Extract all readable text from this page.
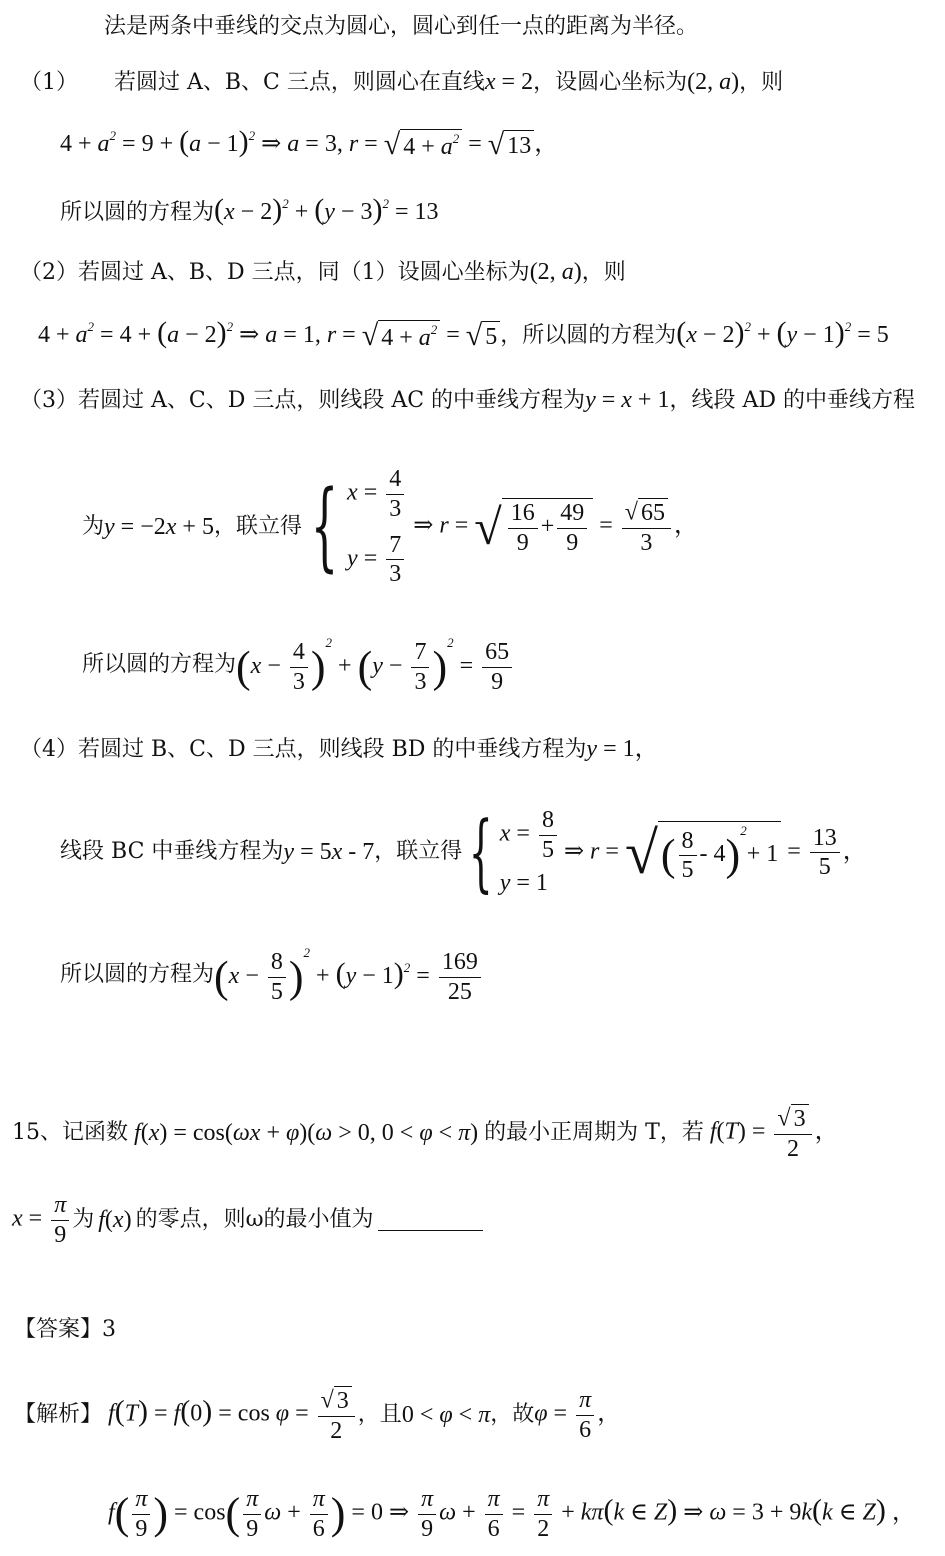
法是两条中垂线的交点为圆心，圆心到任一点的距离为半径。
（1） 若圆过 A、B、C 三点，则圆心在直线x = 2，设圆心坐标为(2, a)，则
$4 + a^2 = 9 + (a - 1)^2$ ⇒ a = 3, r = √ $4 + a^2$ = √ 13 ，
所以圆的方程为$(x - 2)^2 + (y - 3)^2 = 13$
（2）若圆过 A、B、D 三点，同（1）设圆心坐标为(2, a)，则
$4 + a^2 = 4 + (a - 2)^2$ ⇒ a = 1, r = √ $4 + a^2$ = √ 5 ，所以圆的方程为$(x - 2)^2 + (y - 1)^2 = 5$
（3）若圆过 A、C、D 三点，则线段 AC 的中垂线方程为y = x + 1，线段 AD 的中垂线方程
为 y = −2x + 5 ，联立得 { $x = \frac{4}{3}$
$y = \frac{7}{3}$
⇒ r = √ $\frac{16}{9} + \frac{49}{9} = \frac{√ 65}{3}$ ，
所以圆的方程为 $(x - \frac{4}{3} )^2 + (y - \frac{7}{3} )^2 = \frac{65}{9}$
（4）若圆过 B、C、D 三点，则线段 BD 的中垂线方程为y = 1，
线段 BC 中垂线方程为 y = 5x - 7 ，联立得 { $x = \frac{8}{5}$
y = 1
⇒ r = √( $\frac{8}{5} - 4)^2+ 1 = \frac{13}{5}$ ，
所以圆的方程为 $(x - \frac{8}{5} )^2 + (y - 1)^2 = \frac{169}{25}$
15、 记函数 f(x) = cos(ωx + φ)(ω > 0, 0 < φ < π) 的最小正周期为 T，若 $f(T) = \frac{√ 3}{2}$ ，
$x = \frac{\pi}{9}$ 为 f(x) 的零点，则ω的最小值为
【答案】3
【解析】 $f(T) = f(0) = \cos \varphi = \frac{√ 3}{2}$ ，且 0 < φ < π ，故 $\varphi = \frac{\pi}{6}$ ，
$f( \frac{\pi}{9}$ ) = $\cos( \frac{\pi}{9}$ $\omega + \frac{\pi}{6}$ ) = 0 ⇒ $\frac{\pi}{9}$ $\omega + \frac{\pi}{6} = \frac{\pi}{2} + k\pi(k$ ∈ Z) ⇒ ω = 3 + 9k(k ∈ Z) ，
